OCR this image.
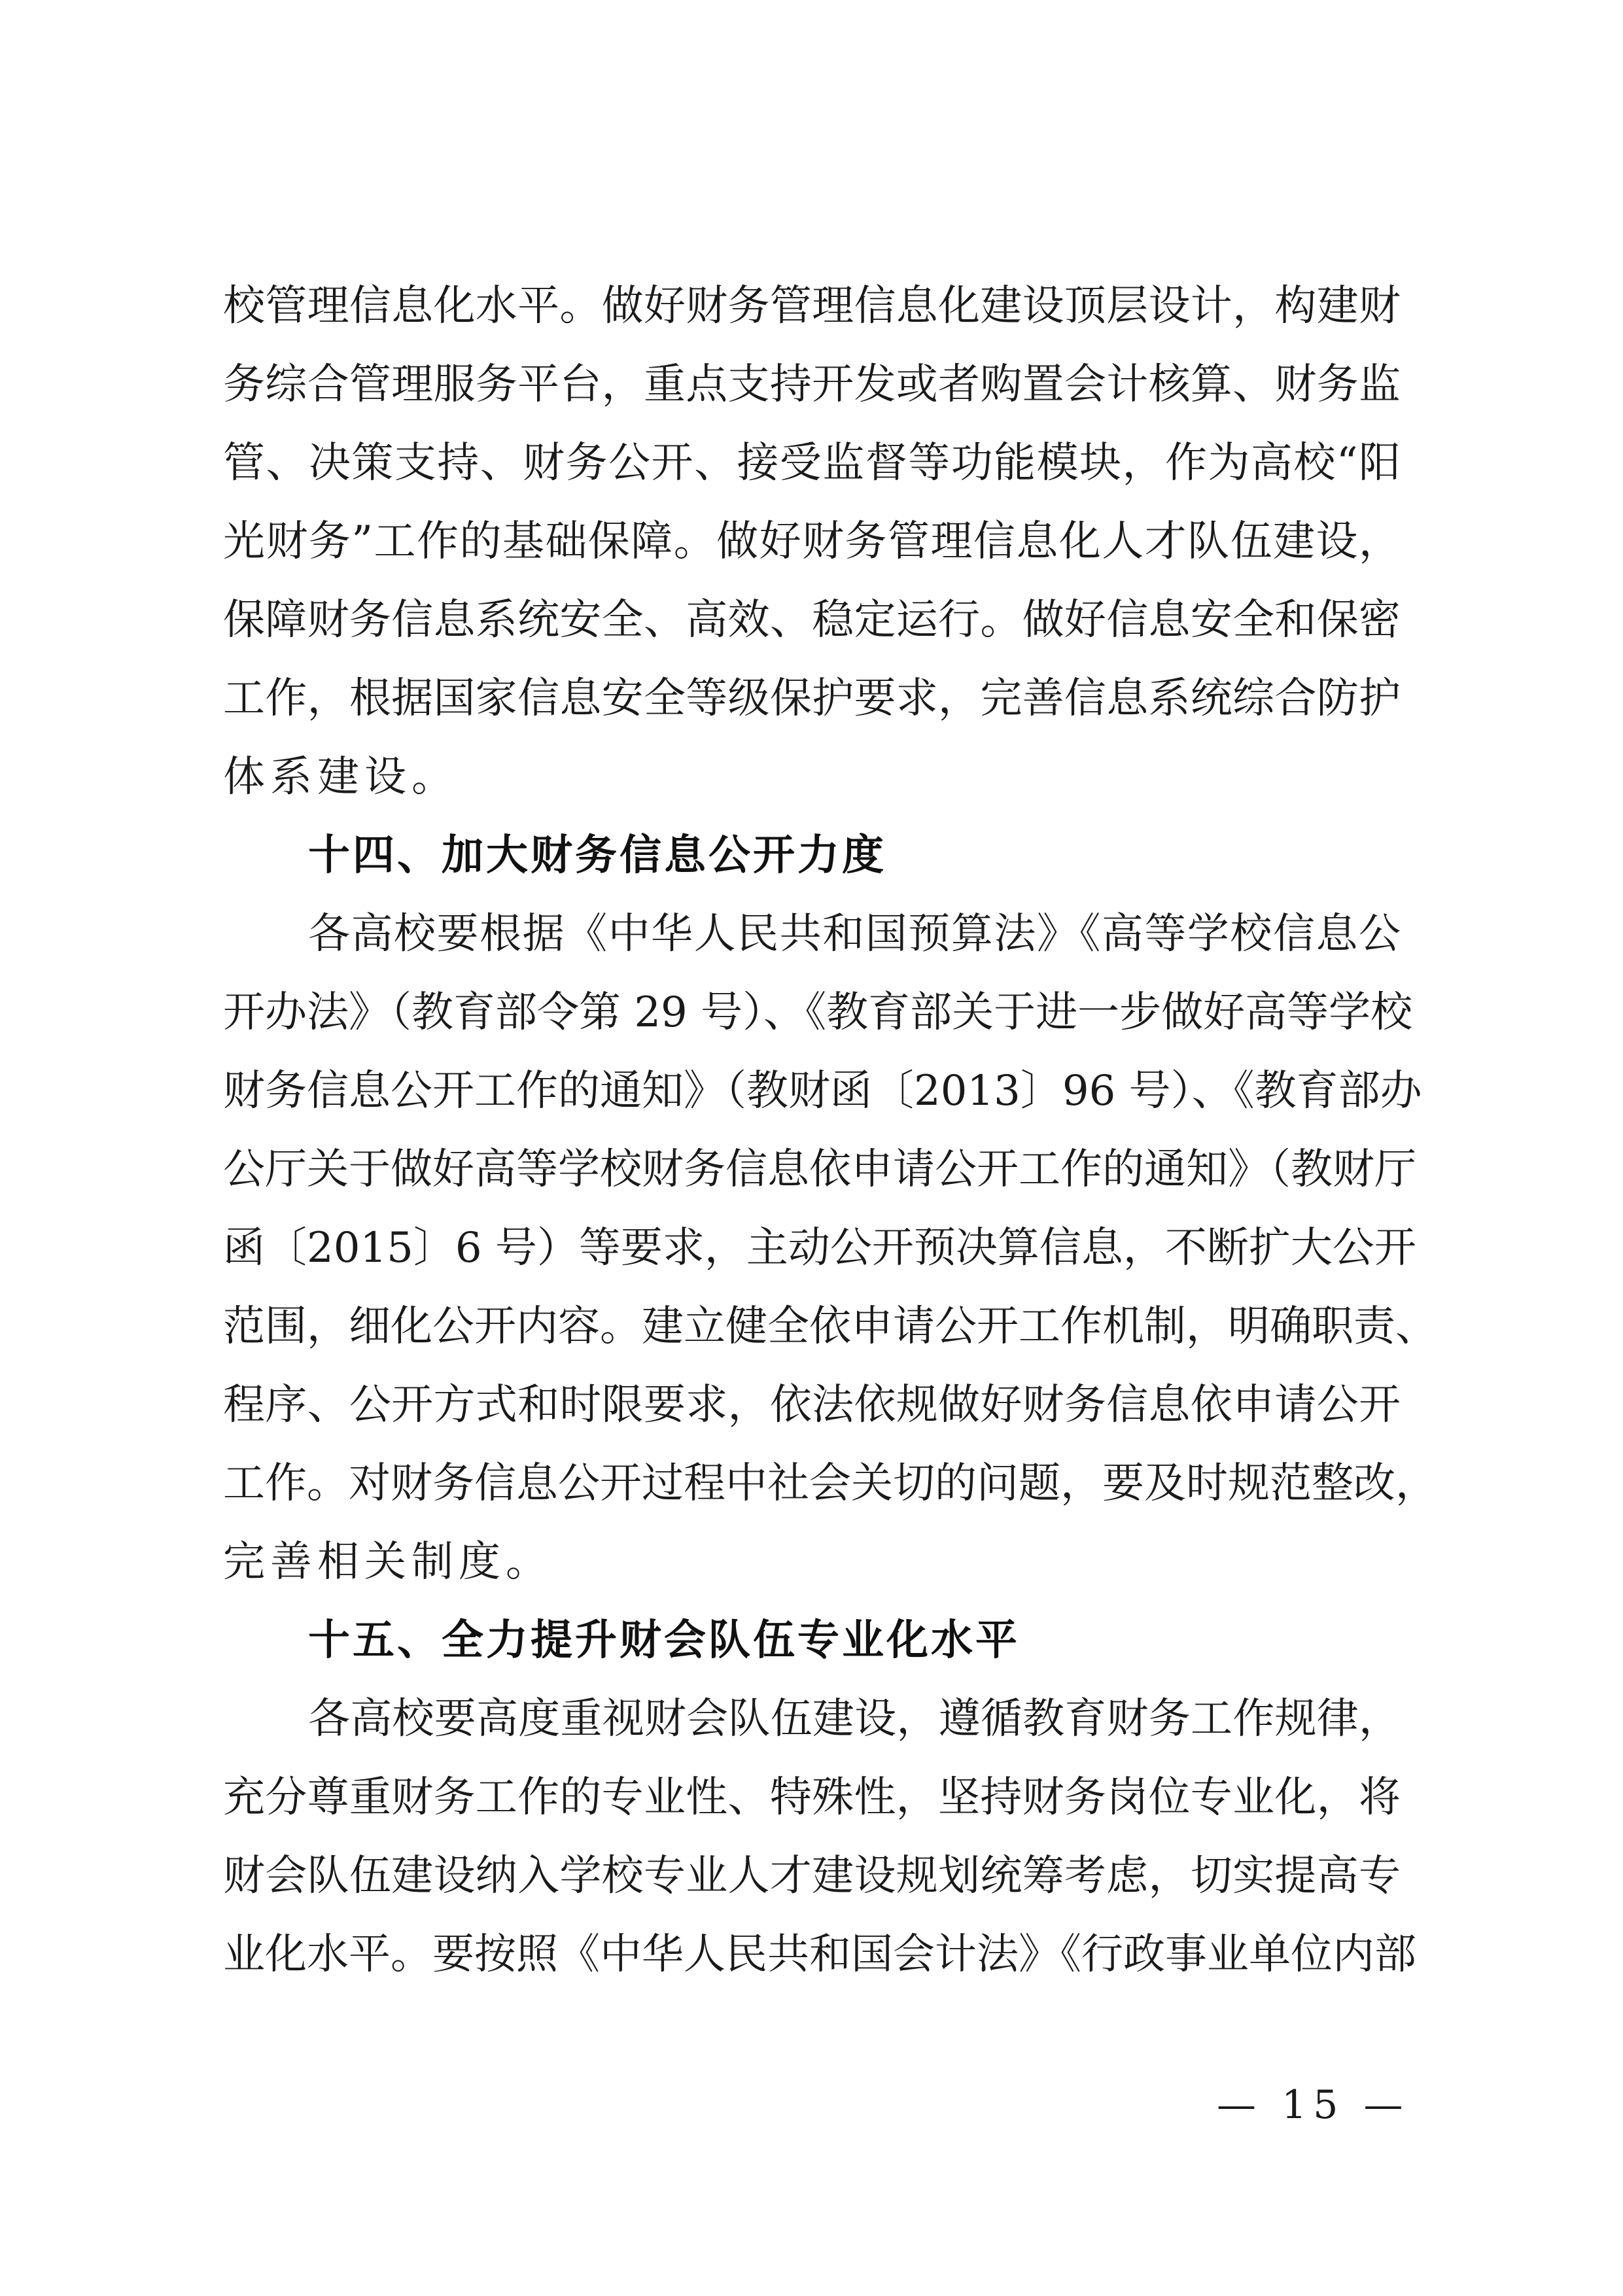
校管理信息化水平。做好财务管理信息化建设顶层设计，构建财
务综合管理服务平台，重点支持开发或者购置会计核算、财务监
管、决策支持、财务公开、接受监督等功能模块，作为高校“阳
光财务”工作的基础保障。做好财务管理信息化人才队伍建设，
保障财务信息系统安全、高效、稳定运行。做好信息安全和保密
工作，根据国家信息安全等级保护要求，完善信息系统综合防护
体系建设。
十四、加大财务信息公开力度
各高校要根据《中华人民共和国预算法》《高等学校信息公
开办法》（教育部令第 29 号）、《教育部关于进一步做好高等学校
财务信息公开工作的通知》（教财函〔2013〕96 号）、《教育部办
公厅关于做好高等学校财务信息依申请公开工作的通知》（教财厅
函〔2015〕6 号）等要求，主动公开预决算信息，不断扩大公开
范围，细化公开内容。建立健全依申请公开工作机制，明确职责、
程序、公开方式和时限要求，依法依规做好财务信息依申请公开
工作。对财务信息公开过程中社会关切的问题，要及时规范整改，
完善相关制度。
十五、全力提升财会队伍专业化水平
各高校要高度重视财会队伍建设，遵循教育财务工作规律，
充分尊重财务工作的专业性、特殊性，坚持财务岗位专业化，将
财会队伍建设纳入学校专业人才建设规划统筹考虑，切实提高专
业化水平。要按照《中华人民共和国会计法》《行政事业单位内部
— 15 —
